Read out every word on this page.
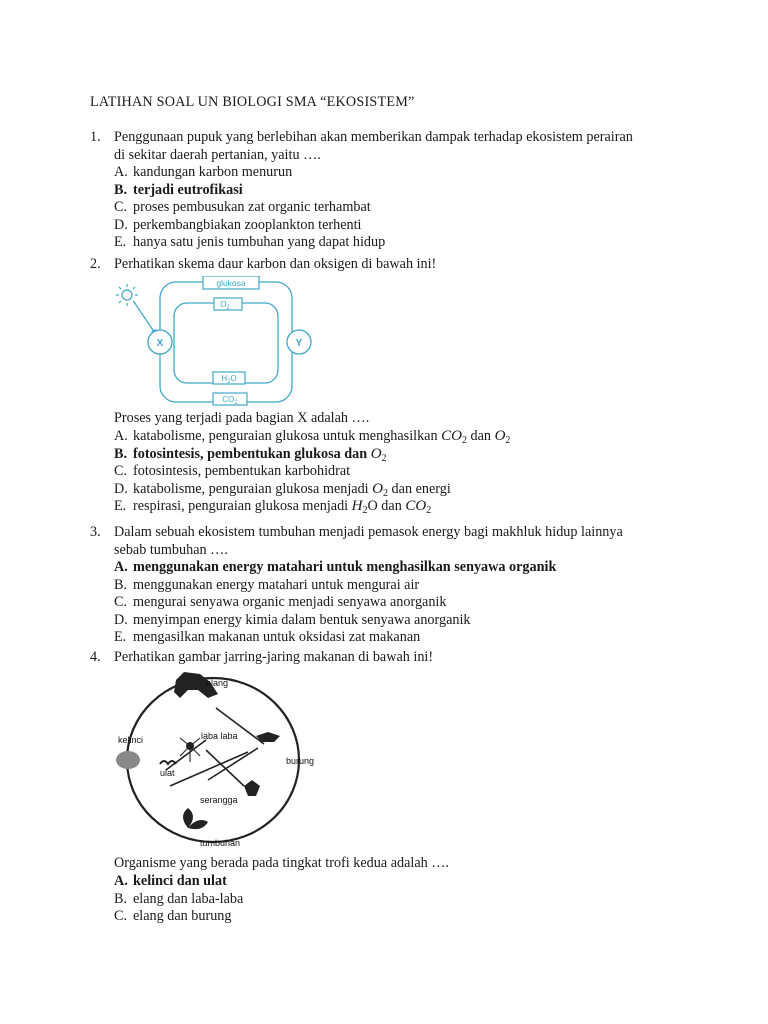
LATIHAN SOAL UN BIOLOGI SMA “EKOSISTEM”
1. Penggunaan pupuk yang berlebihan akan memberikan dampak terhadap ekosistem perairan
di sekitar daerah pertanian, yaitu ….
A. kandungan karbon menurun
B. terjadi eutrofikasi
C. proses pembusukan zat organic terhambat
D. perkembangbiakan zooplankton terhenti
E. hanya satu jenis tumbuhan yang dapat hidup
2. Perhatikan skema daur karbon dan oksigen di bawah ini!
glukosa
$O_2$
X	Y
$H_2O$
$CO_2$
Proses yang terjadi pada bagian X adalah ….
A. katabolisme, penguraian glukosa untuk menghasilkan $CO_2$ dan $O_2$
B. fotosintesis, pembentukan glukosa dan $O_2$
C. fotosintesis, pembentukan karbohidrat
D. katabolisme, penguraian glukosa menjadi $O_2$ dan energi
E. respirasi, penguraian glukosa menjadi $H_2O$ dan $CO_2$
3. Dalam sebuah ekosistem tumbuhan menjadi pemasok energy bagi makhluk hidup lainnya
sebab tumbuhan ….
A. menggunakan energy matahari untuk menghasilkan senyawa organik
B. menggunakan energy matahari untuk mengurai air
C. mengurai senyawa organic menjadi senyawa anorganik
D. menyimpan energy kimia dalam bentuk senyawa anorganik
E. mengasilkan makanan untuk oksidasi zat makanan
4. Perhatikan gambar jarring-jaring makanan di bawah ini!
elang
kelinci	laba laba
burung
ulat
serangga
tumbuhan
Organisme yang berada pada tingkat trofi kedua adalah ….
A. kelinci dan ulat
B. elang dan laba-laba
C. elang dan burung
